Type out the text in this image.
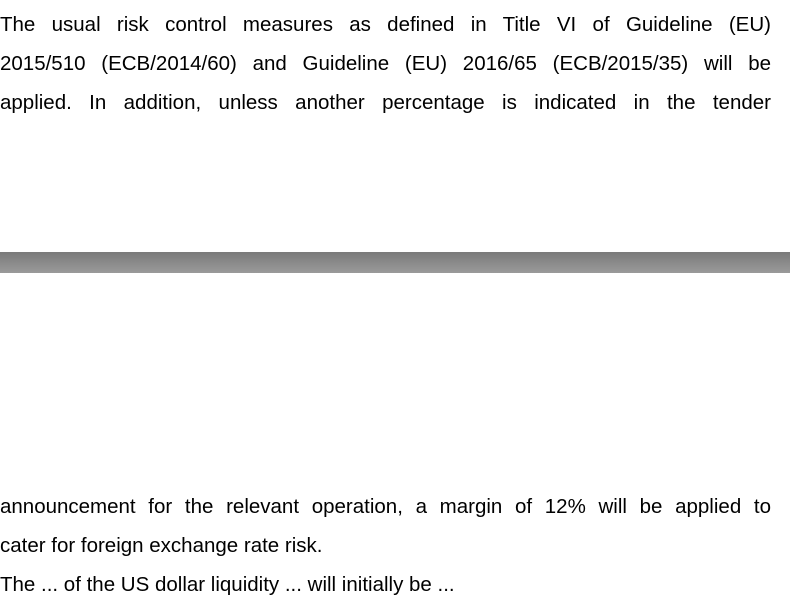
The usual risk control measures as defined in Title VI of Guideline (EU)
2015/510 (ECB/2014/60) and Guideline (EU) 2016/65 (ECB/2015/35) will be
applied. In addition, unless another percentage is indicated in the tender
announcement for the relevant operation, a margin of 12% will be applied to
cater for foreign exchange rate risk.
The ... of the US dollar liquidity ... will initially be ...
